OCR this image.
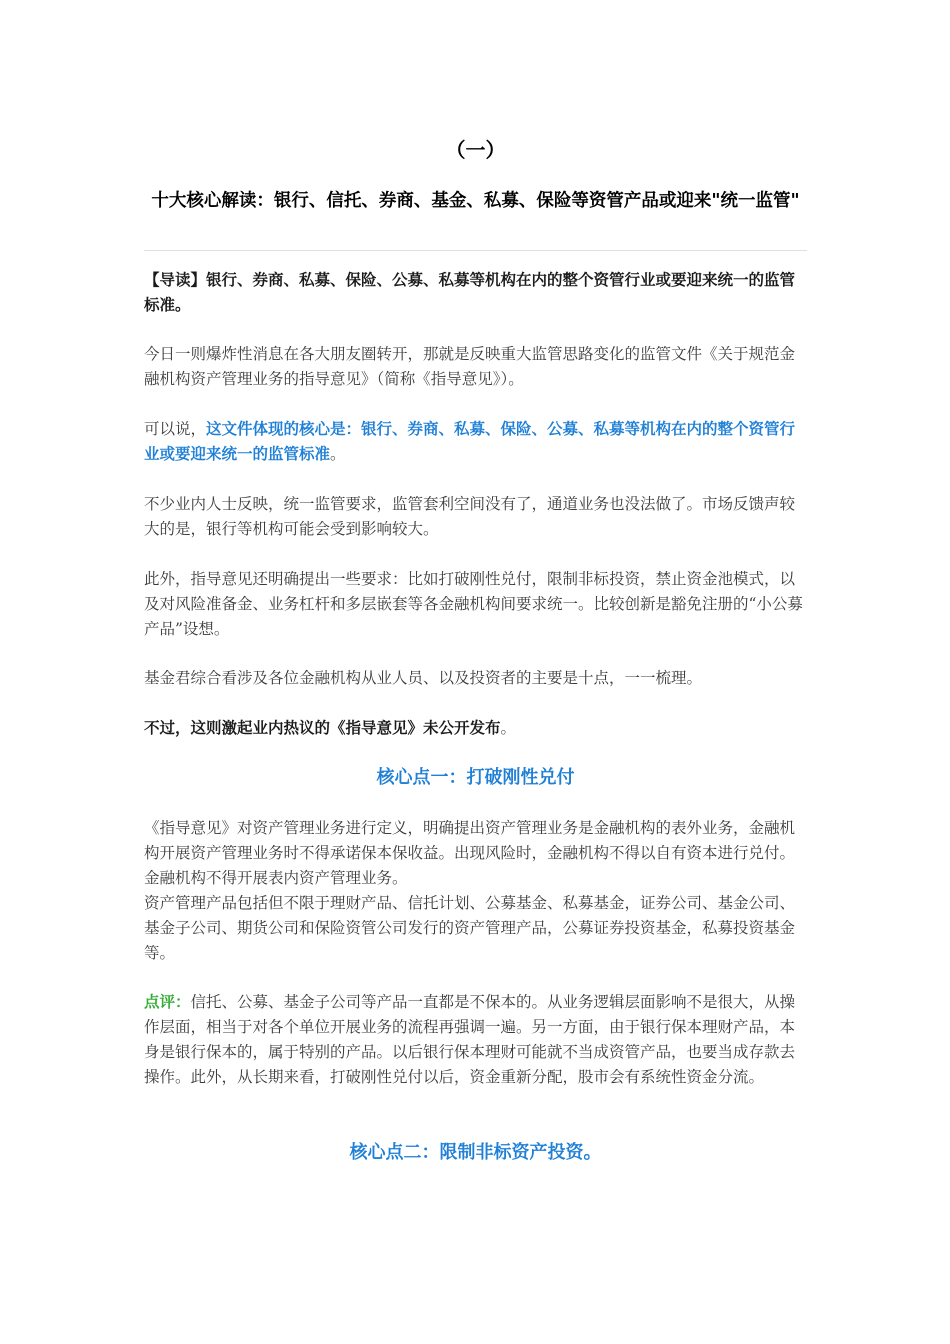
（一）
十大核心解读：银行、信托、券商、基金、私募、保险等资管产品或迎来"统一监管"
【导读】银行、券商、私募、保险、公募、私募等机构在内的整个资管行业或要迎来统一的监管标准。
今日一则爆炸性消息在各大朋友圈转开，那就是反映重大监管思路变化的监管文件《关于规范金融机构资产管理业务的指导意见》（简称《指导意见》）。
可以说，这文件体现的核心是：银行、券商、私募、保险、公募、私募等机构在内的整个资管行业或要迎来统一的监管标准。
不少业内人士反映，统一监管要求，监管套利空间没有了，通道业务也没法做了。市场反馈声较大的是，银行等机构可能会受到影响较大。
此外，指导意见还明确提出一些要求：比如打破刚性兑付，限制非标投资，禁止资金池模式，以及对风险准备金、业务杠杆和多层嵌套等各金融机构间要求统一。比较创新是豁免注册的“小公募产品”设想。
基金君综合看涉及各位金融机构从业人员、以及投资者的主要是十点，一一梳理。
不过，这则激起业内热议的《指导意见》未公开发布。
核心点一：打破刚性兑付
《指导意见》对资产管理业务进行定义，明确提出资产管理业务是金融机构的表外业务，金融机构开展资产管理业务时不得承诺保本保收益。出现风险时，金融机构不得以自有资本进行兑付。金融机构不得开展表内资产管理业务。
资产管理产品包括但不限于理财产品、信托计划、公募基金、私募基金，证券公司、基金公司、基金子公司、期货公司和保险资管公司发行的资产管理产品，公募证券投资基金，私募投资基金等。
点评：信托、公募、基金子公司等产品一直都是不保本的。从业务逻辑层面影响不是很大，从操作层面，相当于对各个单位开展业务的流程再强调一遍。另一方面，由于银行保本理财产品，本身是银行保本的，属于特别的产品。以后银行保本理财可能就不当成资管产品，也要当成存款去操作。此外，从长期来看，打破刚性兑付以后，资金重新分配，股市会有系统性资金分流。
核心点二：限制非标资产投资。
